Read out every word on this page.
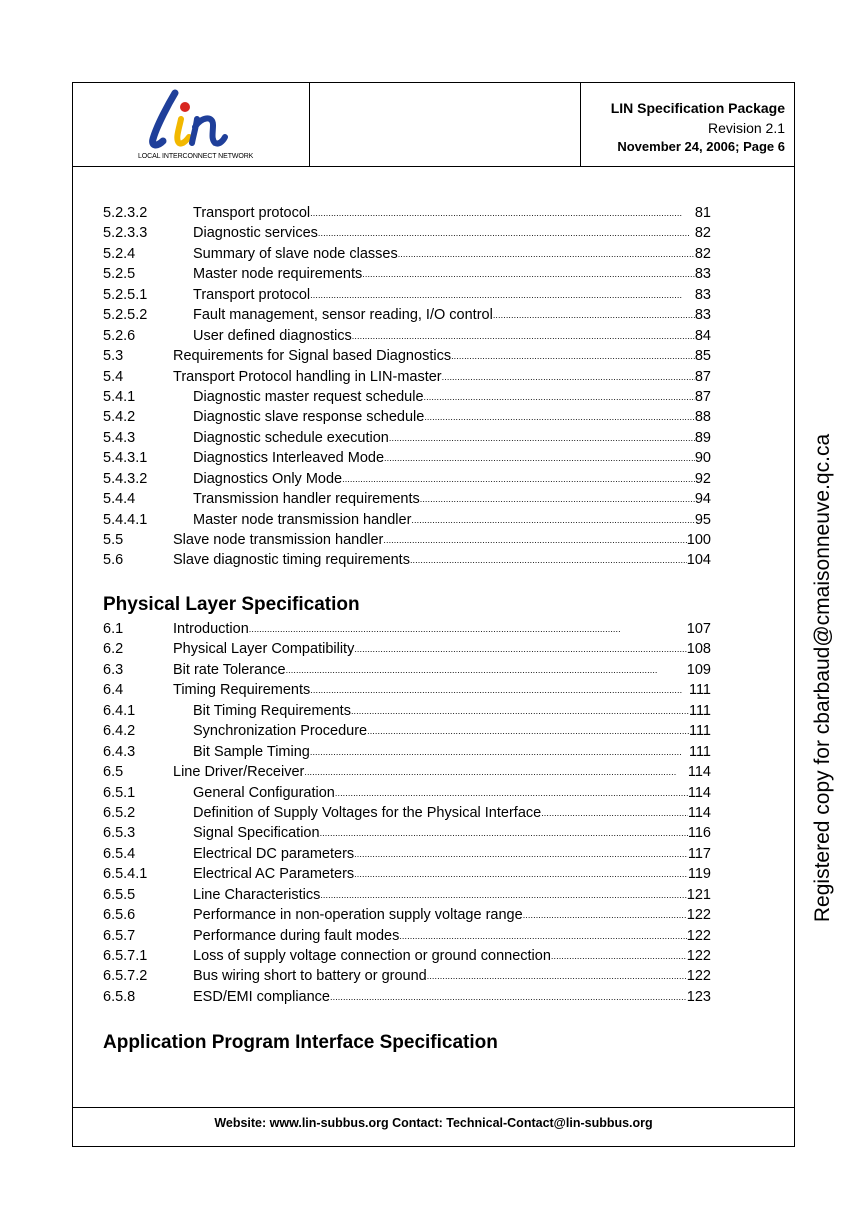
LOCAL INTERCONNECT NETWORK
LIN Specification Package
Revision 2.1
November 24, 2006; Page 6
Website: www.lin-subbus.org Contact: Technical-Contact@lin-subbus.org
5.2.3.2	Transport protocol . . .	81
5.2.3.3	Diagnostic services . . .	82
5.2.4	Summary of slave node classes . . .	82
5.2.5	Master node requirements . . .	83
5.2.5.1	Transport protocol . . .	83
5.2.5.2	Fault management, sensor reading, I/O control . . .	83
5.2.6	User defined diagnostics . . .	84
5.3	Requirements for Signal based Diagnostics . . .	85
5.4	Transport Protocol handling in LIN-master . . .	87
5.4.1	Diagnostic master request schedule . . .	87
5.4.2	Diagnostic slave response schedule . . .	88
5.4.3	Diagnostic schedule execution . . .	89
5.4.3.1	Diagnostics Interleaved Mode . . .	90
5.4.3.2	Diagnostics Only Mode . . .	92
5.4.4	Transmission handler requirements . . .	94
5.4.4.1	Master node transmission handler . . .	95
5.5	Slave node transmission handler . . .	100
5.6	Slave diagnostic timing requirements . . .	104
Physical Layer Specification
6.1	Introduction . . .	107
6.2	Physical Layer Compatibility . . .	108
6.3	Bit rate Tolerance . . .	109
6.4	Timing Requirements . . .	111
6.4.1	Bit Timing Requirements . . .	111
6.4.2	Synchronization Procedure . . .	111
6.4.3	Bit Sample Timing . . .	111
6.5	Line Driver/Receiver . . .	114
6.5.1	General Configuration . . .	114
6.5.2	Definition of Supply Voltages for the Physical Interface . . .	114
6.5.3	Signal Specification . . .	116
6.5.4	Electrical DC parameters . . .	117
6.5.4.1	Electrical AC Parameters . . .	119
6.5.5	Line Characteristics . . .	121
6.5.6	Performance in non-operation supply voltage range . . .	122
6.5.7	Performance during fault modes . . .	122
6.5.7.1	Loss of supply voltage connection or ground connection . . .	122
6.5.7.2	Bus wiring short to battery or ground . . .	122
6.5.8	ESD/EMI compliance . . .	123
Application Program Interface Specification
Registered copy for cbarbaud@cmaisonneuve.qc.ca
